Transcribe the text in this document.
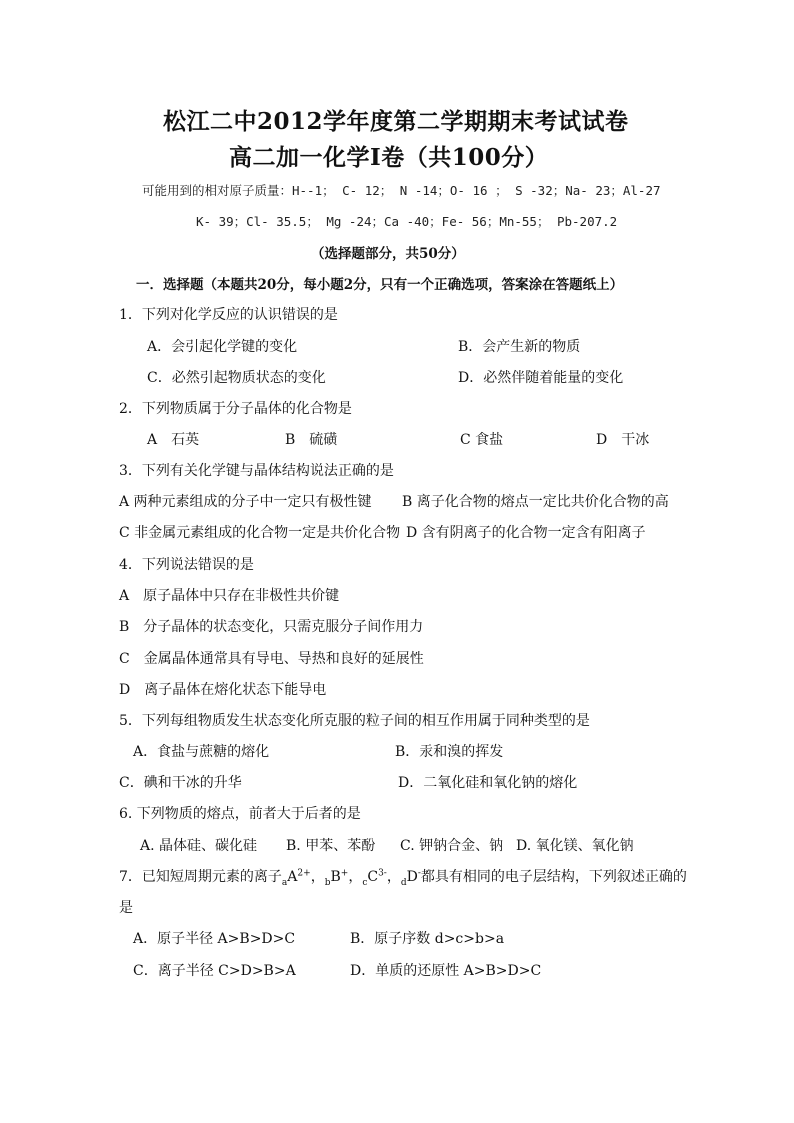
松江二中2012学年度第二学期期末考试试卷
高二加一化学Ⅰ卷（共100分）
可能用到的相对原子质量：H--1； C- 12； N -14；O- 16 ； S -32；Na- 23；Al-27
K- 39；Cl- 35.5； Mg -24；Ca -40；Fe- 56；Mn-55； Pb-207.2
（选择题部分，共50分）
一．选择题（本题共20分，每小题2分，只有一个正确选项，答案涂在答题纸上）
1．下列对化学反应的认识错误的是
A．会引起化学键的变化	B．会产生新的物质
C．必然引起物质状态的变化	D．必然伴随着能量的变化
2．下列物质属于分子晶体的化合物是
A　石英	B　硫磺	C 食盐	D　干冰
3．下列有关化学键与晶体结构说法正确的是
A 两种元素组成的分子中一定只有极性键 B 离子化合物的熔点一定比共价化合物的高
C 非金属元素组成的化合物一定是共价化合物 D 含有阴离子的化合物一定含有阳离子
4．下列说法错误的是
A　原子晶体中只存在非极性共价键
B　分子晶体的状态变化，只需克服分子间作用力
C　金属晶体通常具有导电、导热和良好的延展性
D　离子晶体在熔化状态下能导电
5．下列每组物质发生状态变化所克服的粒子间的相互作用属于同种类型的是
A．食盐与蔗糖的熔化	B．汞和溴的挥发
C．碘和干冰的升华	D．二氧化硅和氧化钠的熔化
6. 下列物质的熔点，前者大于后者的是
A. 晶体硅、碳化硅 B. 甲苯、苯酚 C. 钾钠合金、钠 D. 氧化镁、氧化钠
7．已知短周期元素的离子$_aA^{2+}$，$_b$B+，$_cC^{3-}$，$_d$D-都具有相同的电子层结构，下列叙述正确的
是
A．原子半径 A>B>D>C	B．原子序数 d>c>b>a
C．离子半径 C>D>B>A	D．单质的还原性 A>B>D>C
